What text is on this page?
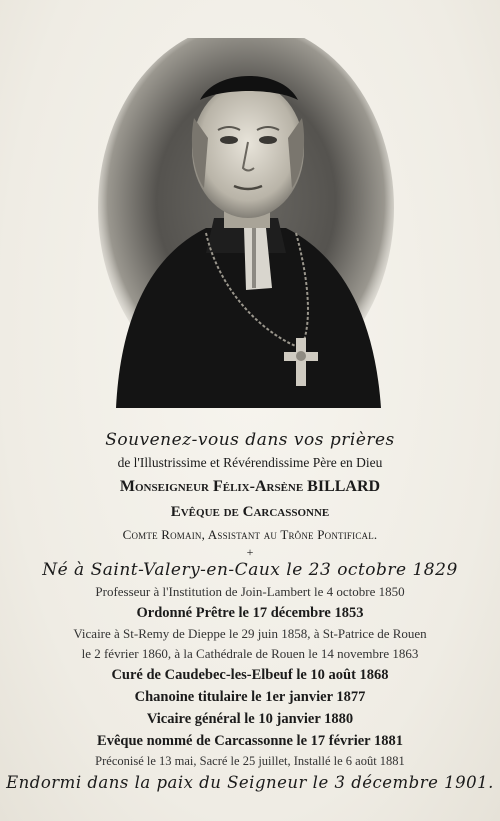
Souvenez-vous dans vos prières
de l'Illustrissime et Révérendissime Père en Dieu
Monseigneur Félix-Arsène BILLARD
Evêque de Carcassonne
Comte Romain, Assistant au Trône Pontifical.
+
Né à Saint-Valery-en-Caux le 23 octobre 1829
Professeur à l'Institution de Join-Lambert le 4 octobre 1850
Ordonné Prêtre le 17 décembre 1853
Vicaire à St-Remy de Dieppe le 29 juin 1858, à St-Patrice de Rouen
le 2 février 1860, à la Cathédrale de Rouen le 14 novembre 1863
Curé de Caudebec-les-Elbeuf le 10 août 1868
Chanoine titulaire le 1er janvier 1877
Vicaire général le 10 janvier 1880
Evêque nommé de Carcassonne le 17 février 1881
Préconisé le 13 mai, Sacré le 25 juillet, Installé le 6 août 1881
Endormi dans la paix du Seigneur le 3 décembre 1901.
